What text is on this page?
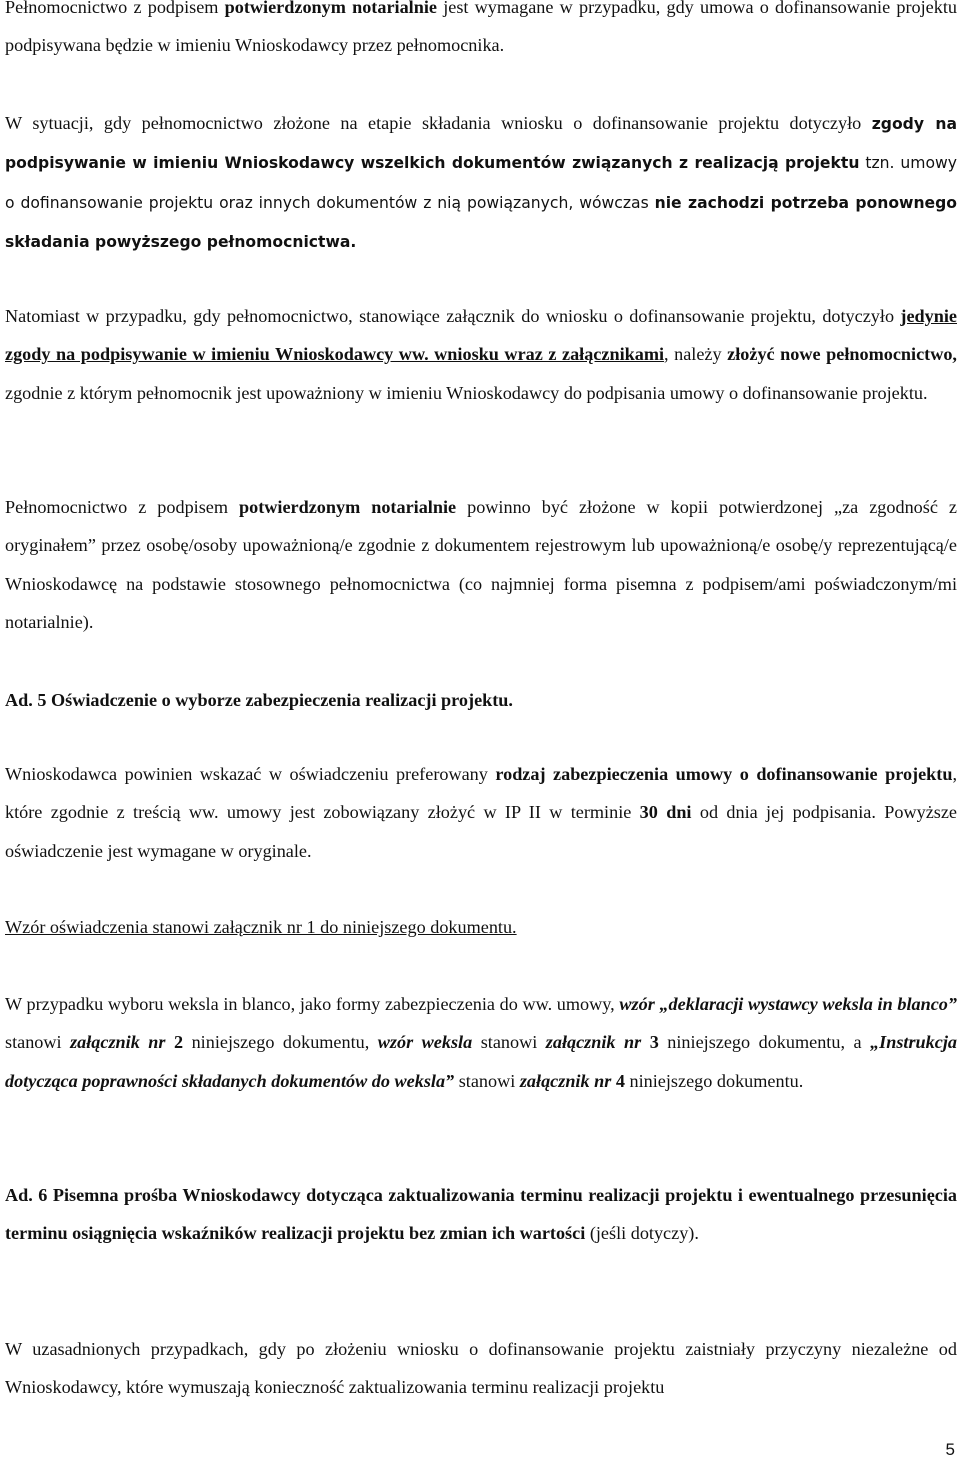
Pełnomocnictwo z podpisem potwierdzonym notarialnie jest wymagane w przypadku, gdy umowa o dofinansowanie projektu podpisywana będzie w imieniu Wnioskodawcy przez pełnomocnika.

W sytuacji, gdy pełnomocnictwo złożone na etapie składania wniosku o dofinansowanie projektu dotyczyło zgody na podpisywanie w imieniu Wnioskodawcy wszelkich dokumentów związanych z realizacją projektu tzn. umowy o dofinansowanie projektu oraz innych dokumentów z nią powiązanych, wówczas nie zachodzi potrzeba ponownego składania powyższego pełnomocnictwa.

Natomiast w przypadku, gdy pełnomocnictwo, stanowiące załącznik do wniosku o dofinansowanie projektu, dotyczyło jedynie zgody na podpisywanie w imieniu Wnioskodawcy ww. wniosku wraz z załącznikami, należy złożyć nowe pełnomocnictwo, zgodnie z którym pełnomocnik jest upoważniony w imieniu Wnioskodawcy do podpisania umowy o dofinansowanie projektu.

Pełnomocnictwo z podpisem potwierdzonym notarialnie powinno być złożone w kopii potwierdzonej „za zgodność z oryginałem” przez osobę/osoby upoważnioną/e zgodnie z dokumentem rejestrowym lub upoważnioną/e osobę/y reprezentującą/e Wnioskodawcę na podstawie stosownego pełnomocnictwa (co najmniej forma pisemna z podpisem/ami poświadczonym/mi notarialnie).

Ad. 5 Oświadczenie o wyborze zabezpieczenia realizacji projektu.

Wnioskodawca powinien wskazać w oświadczeniu preferowany rodzaj zabezpieczenia umowy o dofinansowanie projektu, które zgodnie z treścią ww. umowy jest zobowiązany złożyć w IP II w terminie 30 dni od dnia jej podpisania. Powyższe oświadczenie jest wymagane w oryginale.

Wzór oświadczenia stanowi załącznik nr 1 do niniejszego dokumentu.

W przypadku wyboru weksla in blanco, jako formy zabezpieczenia do ww. umowy, wzór „deklaracji wystawcy weksla in blanco” stanowi załącznik nr 2 niniejszego dokumentu, wzór weksla stanowi załącznik nr 3 niniejszego dokumentu, a „Instrukcja dotycząca poprawności składanych dokumentów do weksla” stanowi załącznik nr 4 niniejszego dokumentu.

Ad. 6 Pisemna prośba Wnioskodawcy dotycząca zaktualizowania terminu realizacji projektu i ewentualnego przesunięcia terminu osiągnięcia wskaźników realizacji projektu bez zmian ich wartości (jeśli dotyczy).

W uzasadnionych przypadkach, gdy po złożeniu wniosku o dofinansowanie projektu zaistniały przyczyny niezależne od Wnioskodawcy, które wymuszają konieczność zaktualizowania terminu realizacji projektu

5
